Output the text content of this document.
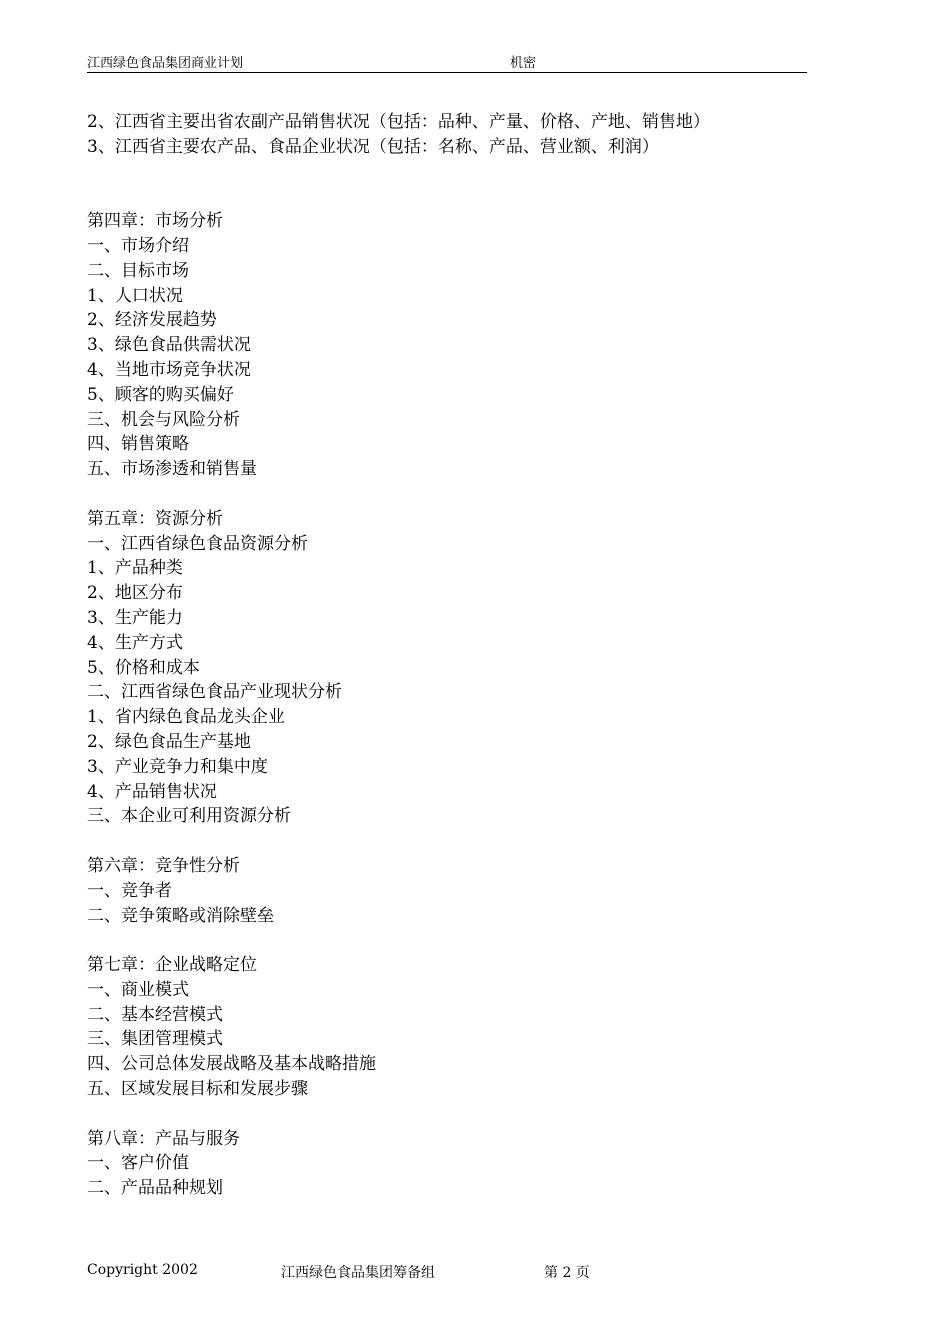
江西绿色食品集团商业计划	机密
2、江西省主要出省农副产品销售状况（包括：品种、产量、价格、产地、销售地）
3、江西省主要农产品、食品企业状况（包括：名称、产品、营业额、利润）
第四章：市场分析
一、市场介绍
二、目标市场
1、人口状况
2、经济发展趋势
3、绿色食品供需状况
4、当地市场竞争状况
5、顾客的购买偏好
三、机会与风险分析
四、销售策略
五、市场渗透和销售量
第五章：资源分析
一、江西省绿色食品资源分析
1、产品种类
2、地区分布
3、生产能力
4、生产方式
5、价格和成本
二、江西省绿色食品产业现状分析
1、省内绿色食品龙头企业
2、绿色食品生产基地
3、产业竞争力和集中度
4、产品销售状况
三、本企业可利用资源分析
第六章：竞争性分析
一、竞争者
二、竞争策略或消除壁垒
第七章：企业战略定位
一、商业模式
二、基本经营模式
三、集团管理模式
四、公司总体发展战略及基本战略措施
五、区域发展目标和发展步骤
第八章：产品与服务
一、客户价值
二、产品品种规划
Copyright 2002	江西绿色食品集团筹备组	第 2 页
